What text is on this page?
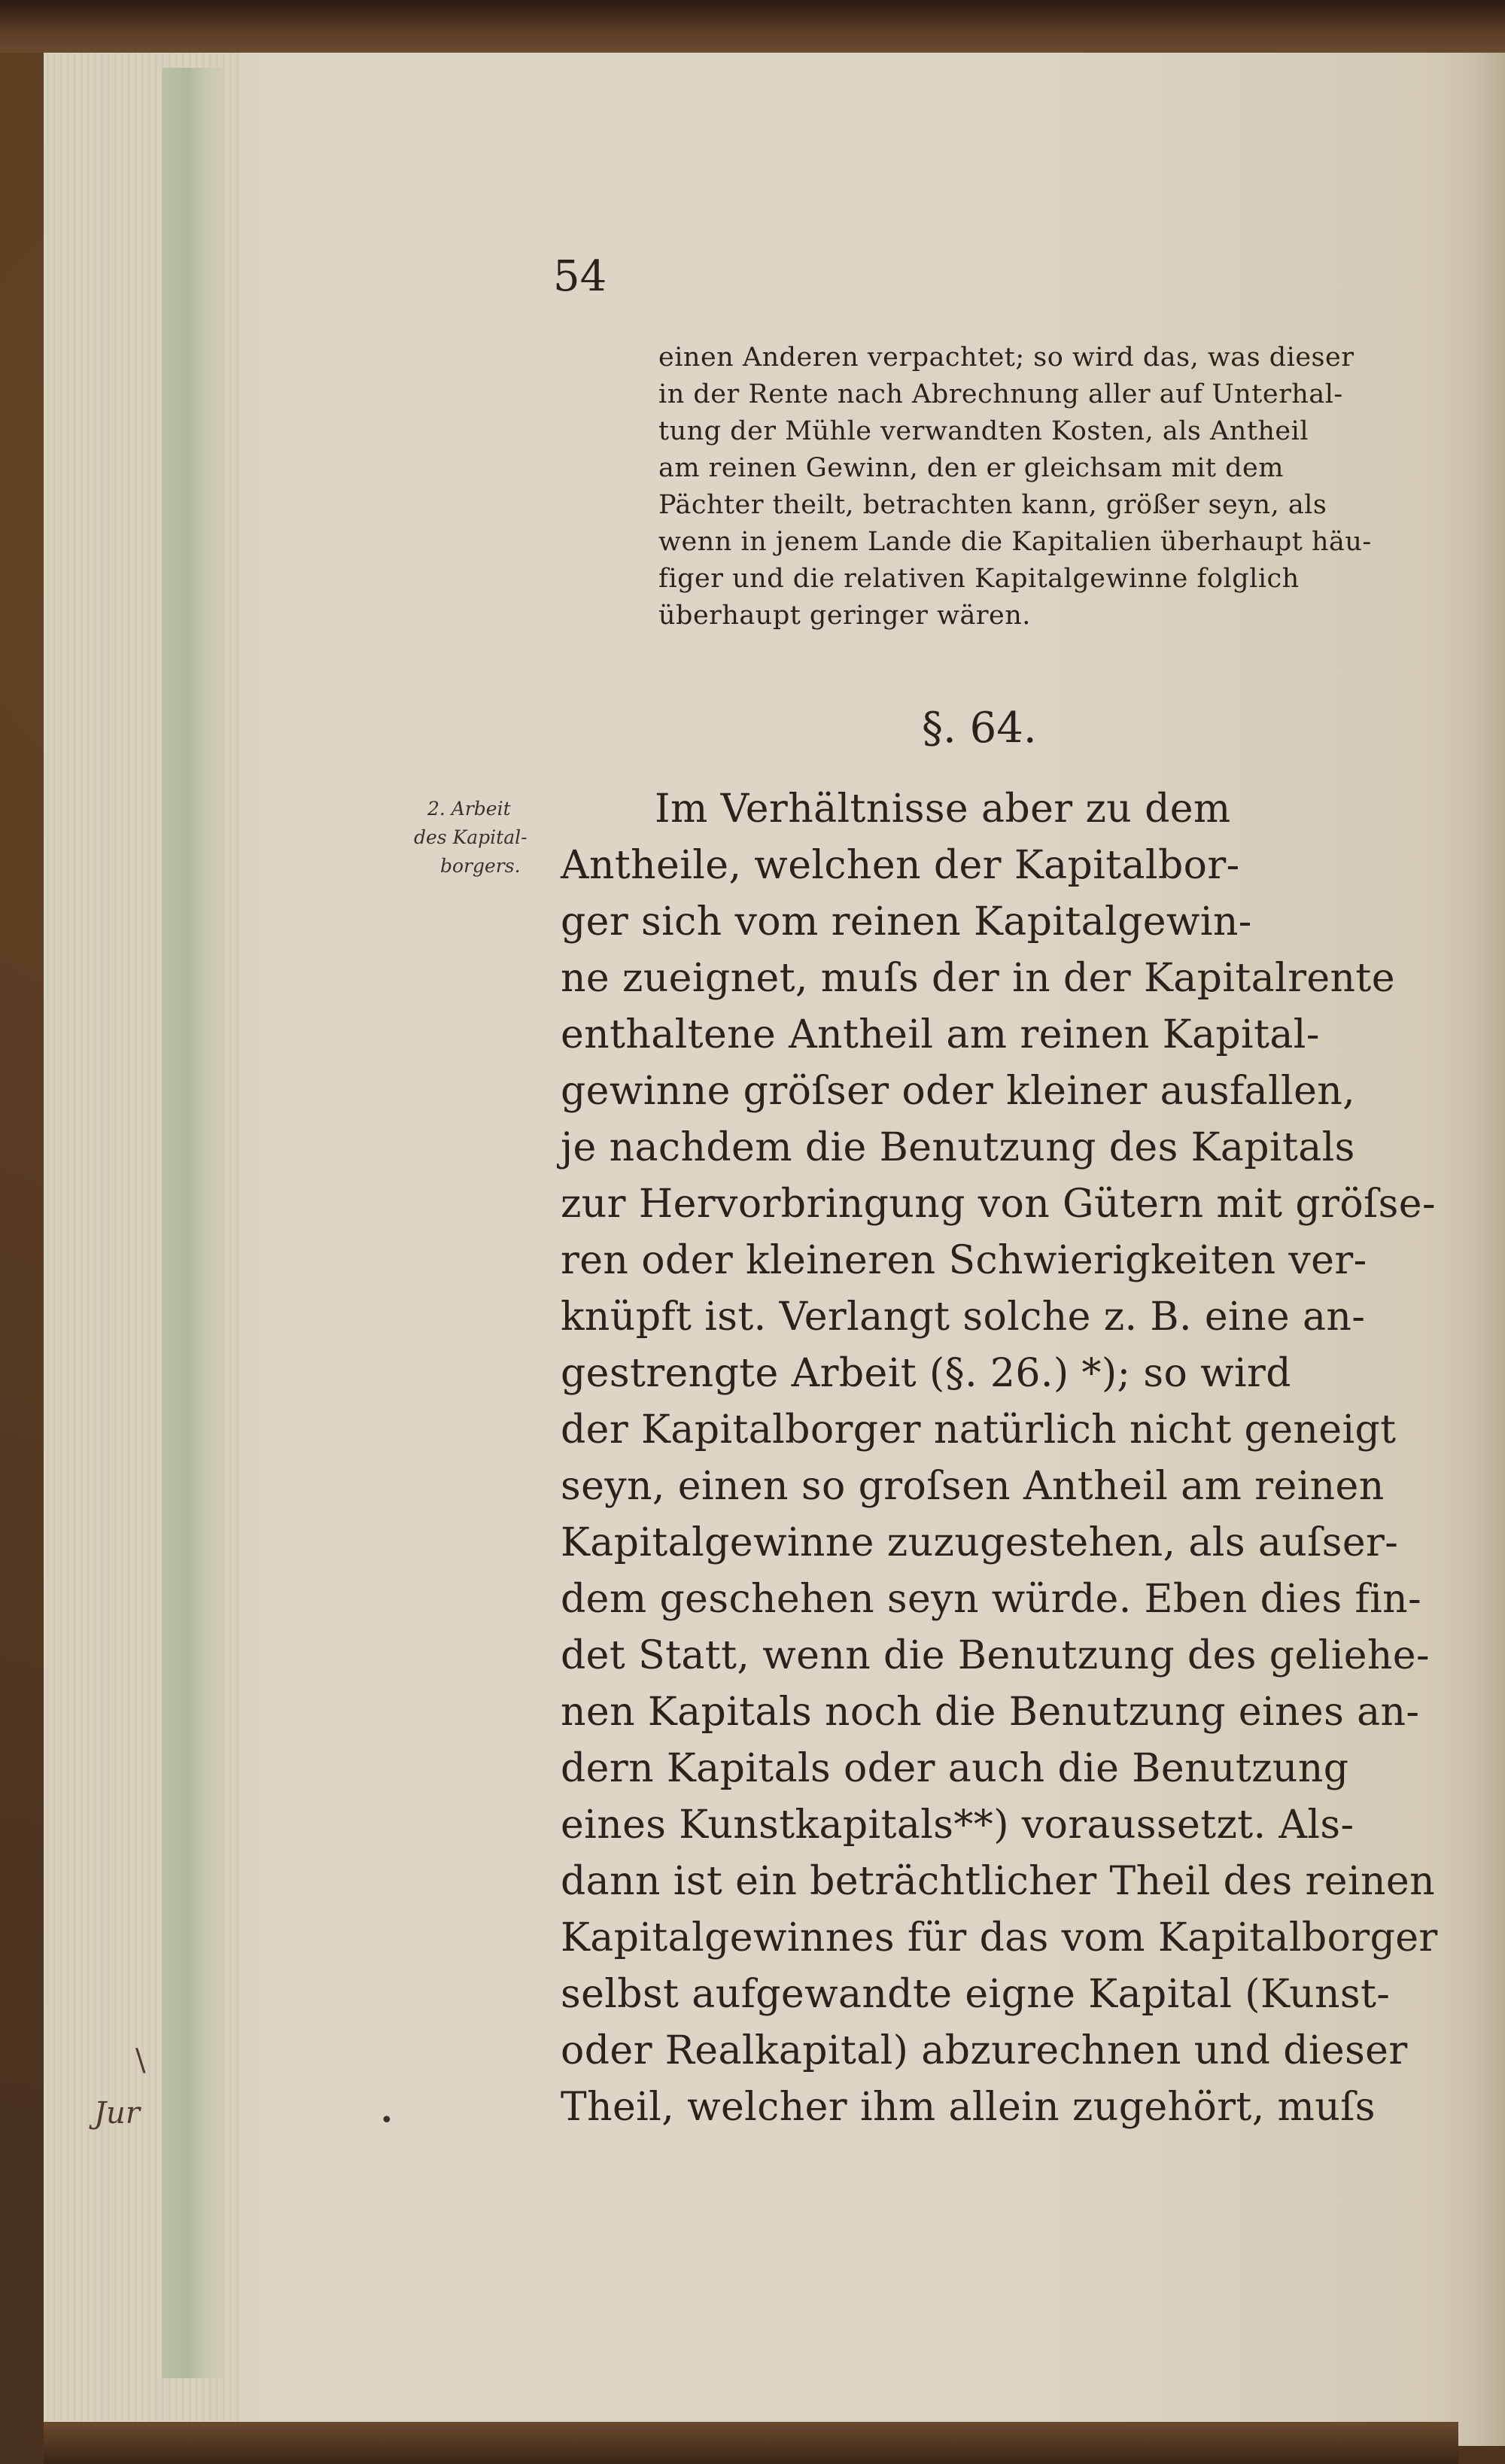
54
einen Anderen verpachtet; so wird das, was dieser
in der Rente nach Abrechnung aller auf Unterhal-
tung der Mühle verwandten Kosten, als Antheil
am reinen Gewinn, den er gleichsam mit dem
Pächter theilt, betrachten kann, größer seyn, als
wenn in jenem Lande die Kapitalien überhaupt häu-
figer und die relativen Kapitalgewinne folglich
überhaupt geringer wären.
§. 64.
2. Arbeit
des Kapital-
borgers.
Im Verhältnisse aber zu dem
Antheile, welchen der Kapitalbor-
ger sich vom reinen Kapitalgewin-
ne zueignet, muſs der in der Kapitalrente
enthaltene Antheil am reinen Kapital-
gewinne gröſser oder kleiner ausfallen,
je nachdem die Benutzung des Kapitals
zur Hervorbringung von Gütern mit gröſse-
ren oder kleineren Schwierigkeiten ver-
knüpft ist. Verlangt solche z. B. eine an-
gestrengte Arbeit (§. 26.) *); so wird
der Kapitalborger natürlich nicht geneigt
seyn, einen so groſsen Antheil am reinen
Kapitalgewinne zuzugestehen, als auſser-
dem geschehen seyn würde. Eben dies fin-
det Statt, wenn die Benutzung des geliehe-
nen Kapitals noch die Benutzung eines an-
dern Kapitals oder auch die Benutzung
eines Kunstkapitals**) voraussetzt. Als-
dann ist ein beträchtlicher Theil des reinen
Kapitalgewinnes für das vom Kapitalborger
selbst aufgewandte eigne Kapital (Kunst-
oder Realkapital) abzurechnen und dieser
Theil, welcher ihm allein zugehört, muſs
\
Jur	•
